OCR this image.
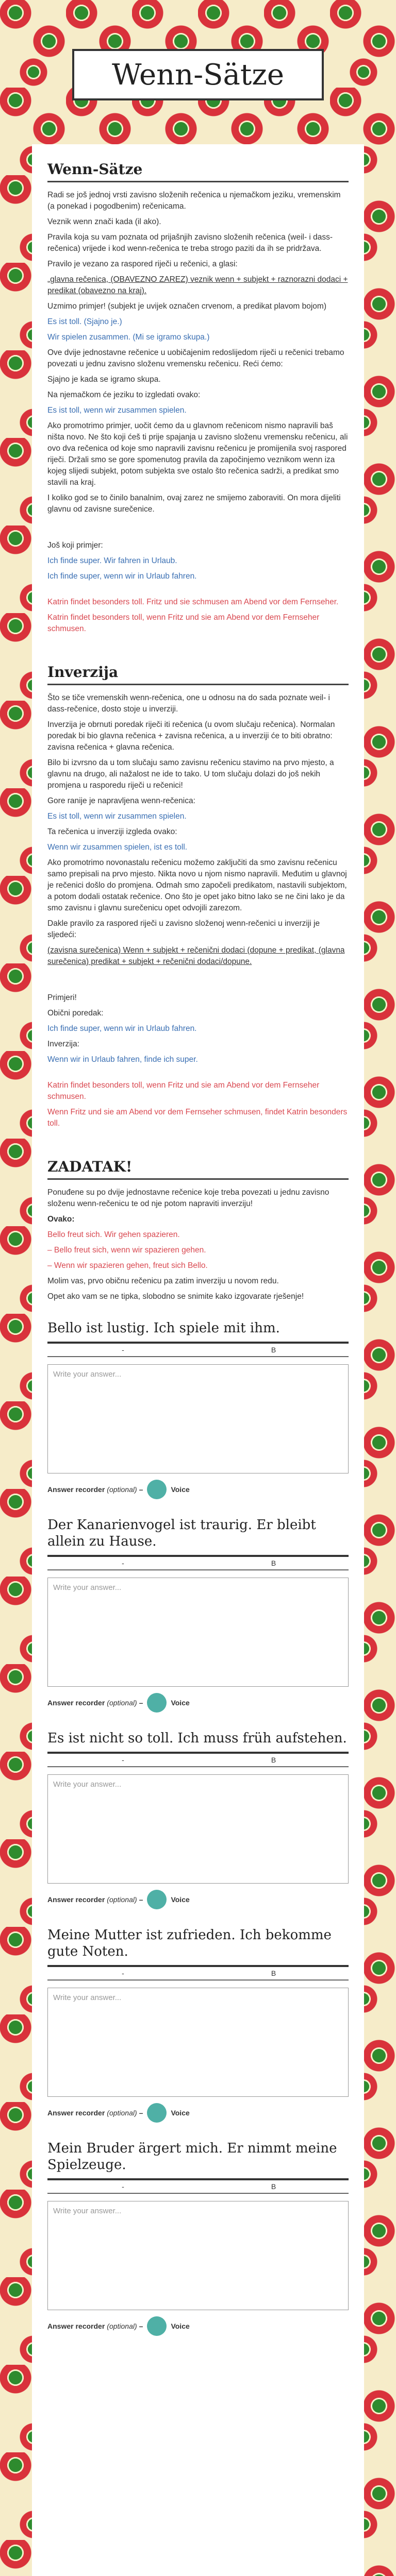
Wenn-Sätze
Wenn-Sätze

Radi se još jednoj vrsti zavisno složenih rečenica u njemačkom jeziku, vremenskim (a ponekad i pogodbenim) rečenicama.

Veznik wenn znači kada (il ako).

Pravila koja su vam poznata od prijašnjih zavisno složenih rečenica (weil- i dass-rečenica) vrijede i kod wenn-rečenica te trebа strogo paziti da ih se pridržava.

Pravilo je vezano za raspored riječi u rečenici, a glasi:

„glavna rečenica, (OBAVEZNO ZAREZ) veznik wenn + subjekt + raznorazni dodaci + predikat (obavezno na kraj).

Uzmimo primjer! (subjekt je uvijek označen crvenom, a predikat plavom bojom)

Es ist toll. (Sjajno je.)

Wir spielen zusammen. (Mi se igramo skupa.)

Ove dvije jednostavne rečenice u uobičajenim redoslijedom riječi u rečenici trebamo povezati u jednu zavisno složenu vremensku rečenicu. Reći ćemo:

Sjajno je kada se igramo skupa.

Na njemačkom će jeziku to izgledati ovako:

Es ist toll, wenn wir zusammen spielen.

Ako promotrimo primjer, uočit ćemo da u glavnom rečenicom nismo napravili baš ništa novo. Ne što koji ćeš ti prije spajanja u zavisno složenu vremensku rečenicu, ali ovo dva rečenica od koje smo napravili zavisnu rečenicu je promijenila svoj raspored riječi. Držali smo se gore spomenutog pravila da započinjemo veznikom wenn iza kojeg slijedi subjekt, potom subjekta sve ostalo što rečenica sadrži, a predikat smo stavili na kraj.

I koliko god se to činilo banalnim, ovaj zarez ne smijemo zaboraviti. On mora dijeliti glavnu od zavisne surečenice.

Još koji primjer:

Ich finde super. Wir fahren in Urlaub.

Ich finde super, wenn wir in Urlaub fahren.

Katrin findet besonders toll. Fritz und sie schmusen am Abend vor dem Fernseher.

Katrin findet besonders toll, wenn Fritz und sie am Abend vor dem Fernseher schmusen.

Inverzija

Što se tiče vremenskih wenn-rečenica, one u odnosu na do sada poznate weil- i dass-rečenice, dosto stoje u inverziji.

Inverzija je obrnuti poredak riječi iti rečenica (u ovom slučaju rečenica). Normalan poredak bi bio glavna rečenica + zavisna rečenica, a u inverziji će to biti obratno: zavisna rečenica + glavna rečenica.

Bilo bi izvrsno da u tom slučaju samo zavisnu rečenicu stavimo na prvo mjesto, a glavnu na drugo, ali nažalost ne ide to tako. U tom slučaju dolazi do još nekih promjena u rasporedu riječi u rečenici!

Gore ranije je napravljena wenn-rečenica:

Es ist toll, wenn wir zusammen spielen.

Ta rečenica u inverziji izgleda ovako:

Wenn wir zusammen spielen, ist es toll.

Ako promotrimo novonastalu rečenicu možemo zaključiti da smo zavisnu rečenicu samo prepisali na prvo mjesto. Nikta novo u njom nismo napravili. Međutim u glavnoj je rečenici došlo do promjena. Odmah smo započeli predikatom, nastavili subjektom, a potom dodali ostatak rečenice. Ono što je opet jako bitno lako se ne čini lako je da smo zavisnu i glavnu surečenicu opet odvojili zarezom.

Dakle pravilo za raspored riječi u zavisno složenoj wenn-rečenici u inverziji je sljedeći:

(zavisna surečenica) Wenn + subjekt + rečenični dodaci (dopune + predikat, (glavna surečenica) predikat + subjekt + rečenični dodaci/dopune.

Primjeri!

Obični poredak:

Ich finde super, wenn wir in Urlaub fahren.

Inverzija:

Wenn wir in Urlaub fahren, finde ich super.

Katrin findet besonders toll, wenn Fritz und sie am Abend vor dem Fernseher schmusen.

Wenn Fritz und sie am Abend vor dem Fernseher schmusen, findet Katrin besonders toll.

ZADATAK!

Ponuđene su po dvije jednostavne rečenice koje treba povezati u jednu zavisno složenu wenn-rečenicu te od nje potom napraviti inverziju!

Ovako:

Bello freut sich. Wir gehen spazieren.

– Bello freut sich, wenn wir spazieren gehen.

– Wenn wir spazieren gehen, freut sich Bello.

Molim vas, prvo običnu rečenicu pa zatim inverziju u novom redu.

Opet ako vam se ne tipka, slobodno se snimite kako izgovarate rješenje!

Bello ist lustig. Ich spiele mit ihm.
-	B
Write your answer...
Answer recorder (optional) –	Voice
Der Kanarienvogel ist traurig. Er bleibt allein zu Hause.
-	B
Write your answer...
Answer recorder (optional) –	Voice
Es ist nicht so toll. Ich muss früh aufstehen.
-	B
Write your answer...
Answer recorder (optional) –	Voice
Meine Mutter ist zufrieden. Ich bekomme gute Noten.
-	B
Write your answer...
Answer recorder (optional) –	Voice
Mein Bruder ärgert mich. Er nimmt meine Spielzeuge.
-	B
Write your answer...
Answer recorder (optional) –	Voice
